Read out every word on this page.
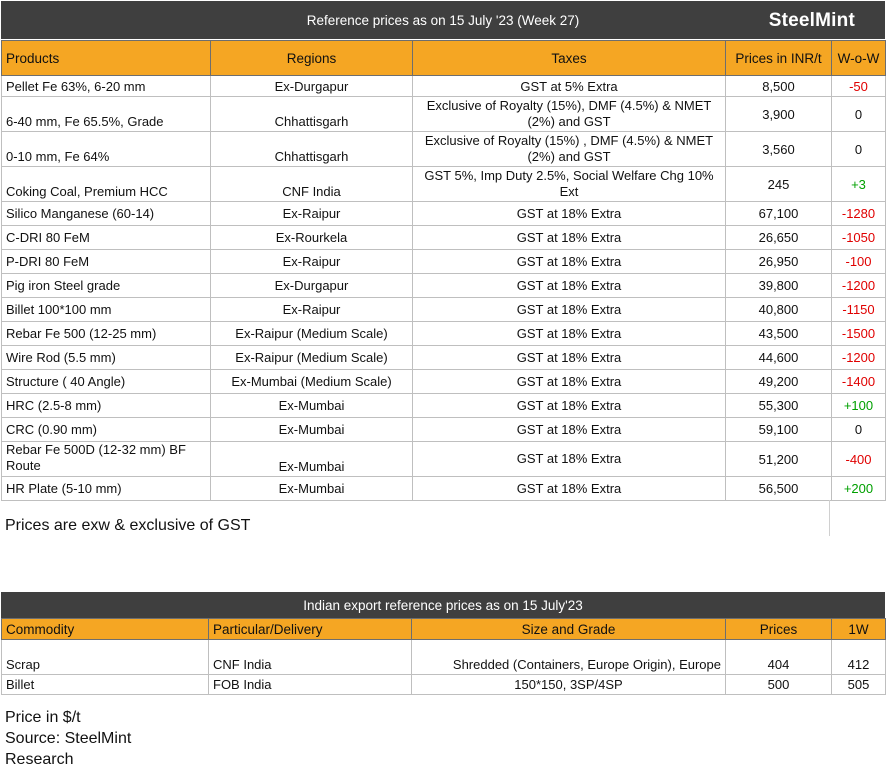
Reference prices as on 15 July '23 (Week 27)	SteelMint
Products	Regions	Taxes	Prices in INR/t	W-o-W
Pellet Fe 63%, 6-20 mm	Ex-Durgapur	GST at 5% Extra	8,500	-50
6-40 mm, Fe 65.5%, Grade	Chhattisgarh	Exclusive of Royalty (15%), DMF (4.5%) & NMET (2%) and GST	3,900	0
0-10 mm, Fe 64%	Chhattisgarh	Exclusive of Royalty (15%) , DMF (4.5%) & NMET (2%) and GST	3,560	0
Coking Coal, Premium HCC	CNF India	GST 5%, Imp Duty 2.5%, Social Welfare Chg 10% Ext	245	+3
Silico Manganese (60-14)	Ex-Raipur	GST at 18% Extra	67,100	-1280
C-DRI 80 FeM	Ex-Rourkela	GST at 18% Extra	26,650	-1050
P-DRI 80 FeM	Ex-Raipur	GST at 18% Extra	26,950	-100
Pig iron Steel grade	Ex-Durgapur	GST at 18% Extra	39,800	-1200
Billet 100*100 mm	Ex-Raipur	GST at 18% Extra	40,800	-1150
Rebar Fe 500 (12-25 mm)	Ex-Raipur (Medium Scale)	GST at 18% Extra	43,500	-1500
Wire Rod (5.5 mm)	Ex-Raipur (Medium Scale)	GST at 18% Extra	44,600	-1200
Structure ( 40 Angle)	Ex-Mumbai (Medium Scale)	GST at 18% Extra	49,200	-1400
HRC (2.5-8 mm)	Ex-Mumbai	GST at 18% Extra	55,300	+100
CRC (0.90 mm)	Ex-Mumbai	GST at 18% Extra	59,100	0
Rebar Fe 500D (12-32 mm) BF Route	Ex-Mumbai	GST at 18% Extra	51,200	-400
HR Plate (5-10 mm)	Ex-Mumbai	GST at 18% Extra	56,500	+200
Prices are exw & exclusive of GST
Indian export reference prices as on 15 July'23
Commodity	Particular/Delivery	Size and Grade	Prices	1W
Scrap	CNF India	Shredded (Containers, Europe Origin), Europe	404	412
Billet	FOB India	150*150, 3SP/4SP	500	505
Price in $/t
Source: SteelMint
Research
